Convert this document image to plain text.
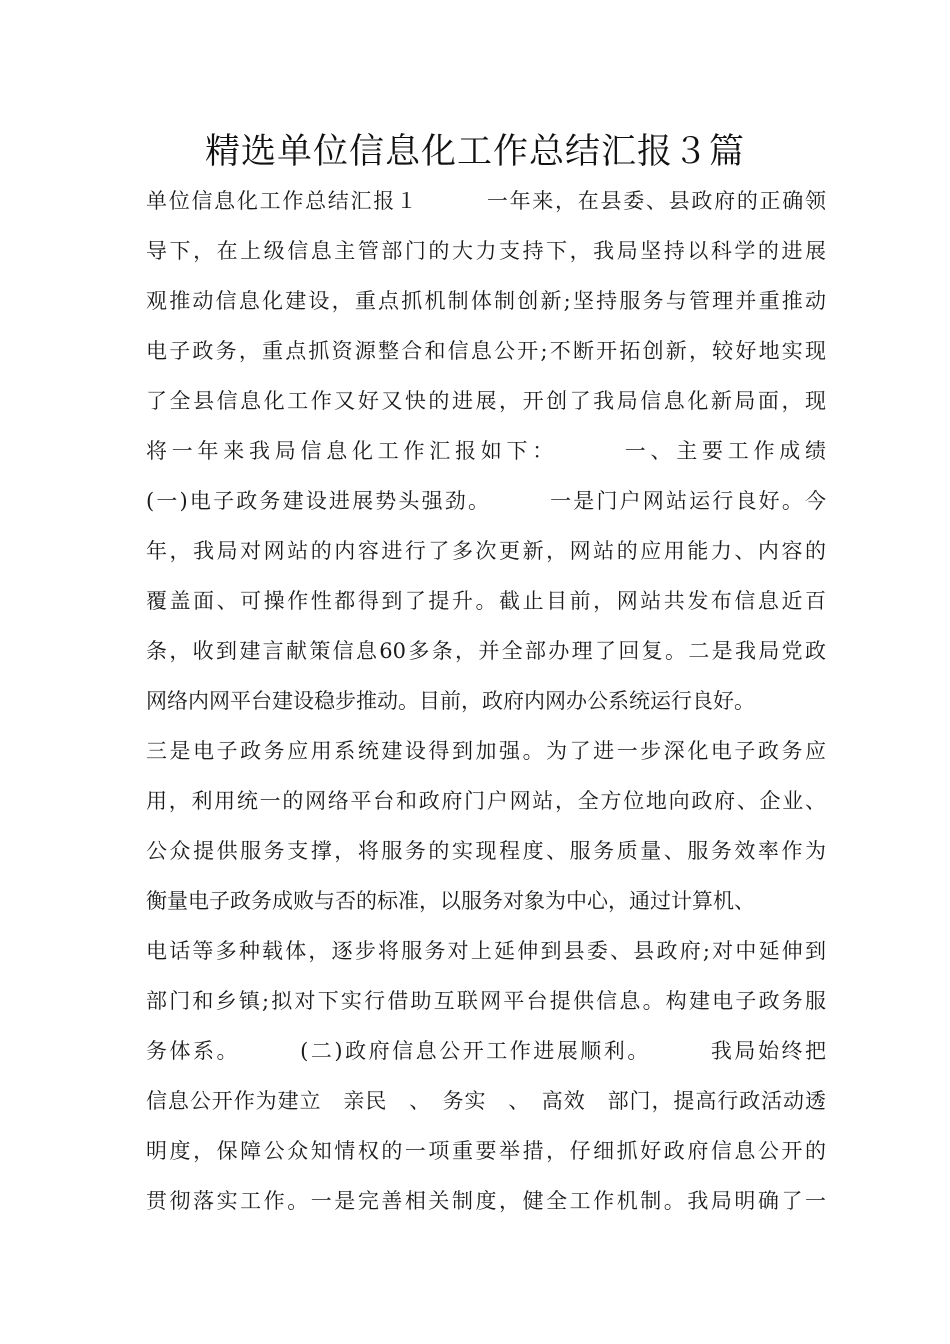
精选单位信息化工作总结汇报３篇
单位信息化工作总结汇报１　　　一年来，在县委、县政府的正确领
导下，在上级信息主管部门的大力支持下，我局坚持以科学的进展
观推动信息化建设，重点抓机制体制创新;坚持服务与管理并重推动
电子政务，重点抓资源整合和信息公开;不断开拓创新，较好地实现
了全县信息化工作又好又快的进展，开创了我局信息化新局面，现
将一年来我局信息化工作汇报如下：　　　一、主要工作成绩
(一)电子政务建设进展势头强劲。　　　一是门户网站运行良好。今
年，我局对网站的内容进行了多次更新，网站的应用能力、内容的
覆盖面、可操作性都得到了提升。截止目前，网站共发布信息近百
条，收到建言献策信息60多条，并全部办理了回复。二是我局党政
网络内网平台建设稳步推动。目前，政府内网办公系统运行良好。
三是电子政务应用系统建设得到加强。为了进一步深化电子政务应
用，利用统一的网络平台和政府门户网站，全方位地向政府、企业、
公众提供服务支撑，将服务的实现程度、服务质量、服务效率作为
衡量电子政务成败与否的标准，以服务对象为中心，通过计算机、
电话等多种载体，逐步将服务对上延伸到县委、县政府;对中延伸到
部门和乡镇;拟对下实行借助互联网平台提供信息。构建电子政务服
务体系。　　　(二)政府信息公开工作进展顺利。　　　我局始终把
信息公开作为建立　亲民　、　务实　、　高效　部门，提高行政活动透
明度，保障公众知情权的一项重要举措，仔细抓好政府信息公开的
贯彻落实工作。一是完善相关制度，健全工作机制。我局明确了一
